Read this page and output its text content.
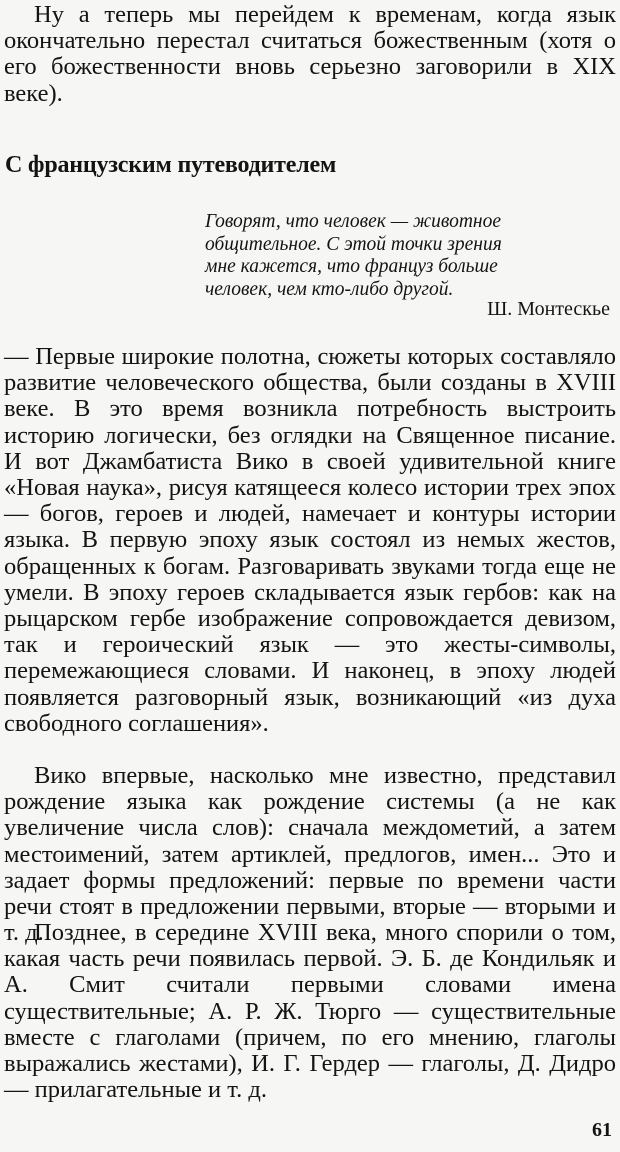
Ну а теперь мы перейдем к временам, когда язык окончательно перестал считаться божественным (хотя о его божественности вновь серьезно заговорили в XIX веке).

С французским путеводителем
Говорят, что человек — животное общительное. С этой точки зрения мне кажется, что француз больше человек, чем кто-либо другой.
Ш. Монтескье

— Первые широкие полотна, сюжеты которых составляло развитие человеческого общества, были созданы в XVIII веке. В это время возникла потребность выстроить историю логически, без оглядки на Священное писание. И вот Джамбатиста Вико в своей удивительной книге «Новая наука», рисуя катящееся колесо истории трех эпох — богов, героев и людей, намечает и контуры истории языка. В первую эпоху язык состоял из немых жестов, обращенных к богам. Разговаривать звуками тогда еще не умели. В эпоху героев складывается язык гербов: как на рыцарском гербе изображение сопровождается девизом, так и героический язык — это жесты-символы, перемежающиеся словами. И наконец, в эпоху людей появляется разговорный язык, возникающий «из духа свободного соглашения».

Вико впервые, насколько мне известно, представил рождение языка как рождение системы (а не как увеличение числа слов): сначала междометий, а затем местоимений, затем артиклей, предлогов, имен... Это и задает формы предложений: первые по времени части речи стоят в предложении первыми, вторые — вторыми и т. д.

Позднее, в середине XVIII века, много спорили о том, какая часть речи появилась первой. Э. Б. де Кондильяк и А. Смит считали первыми словами имена существительные; А. Р. Ж. Тюрго — существительные вместе с глаголами (причем, по его мнению, глаголы выражались жестами), И. Г. Гердер — глаголы, Д. Дидро — прилагательные и т. д.

61
